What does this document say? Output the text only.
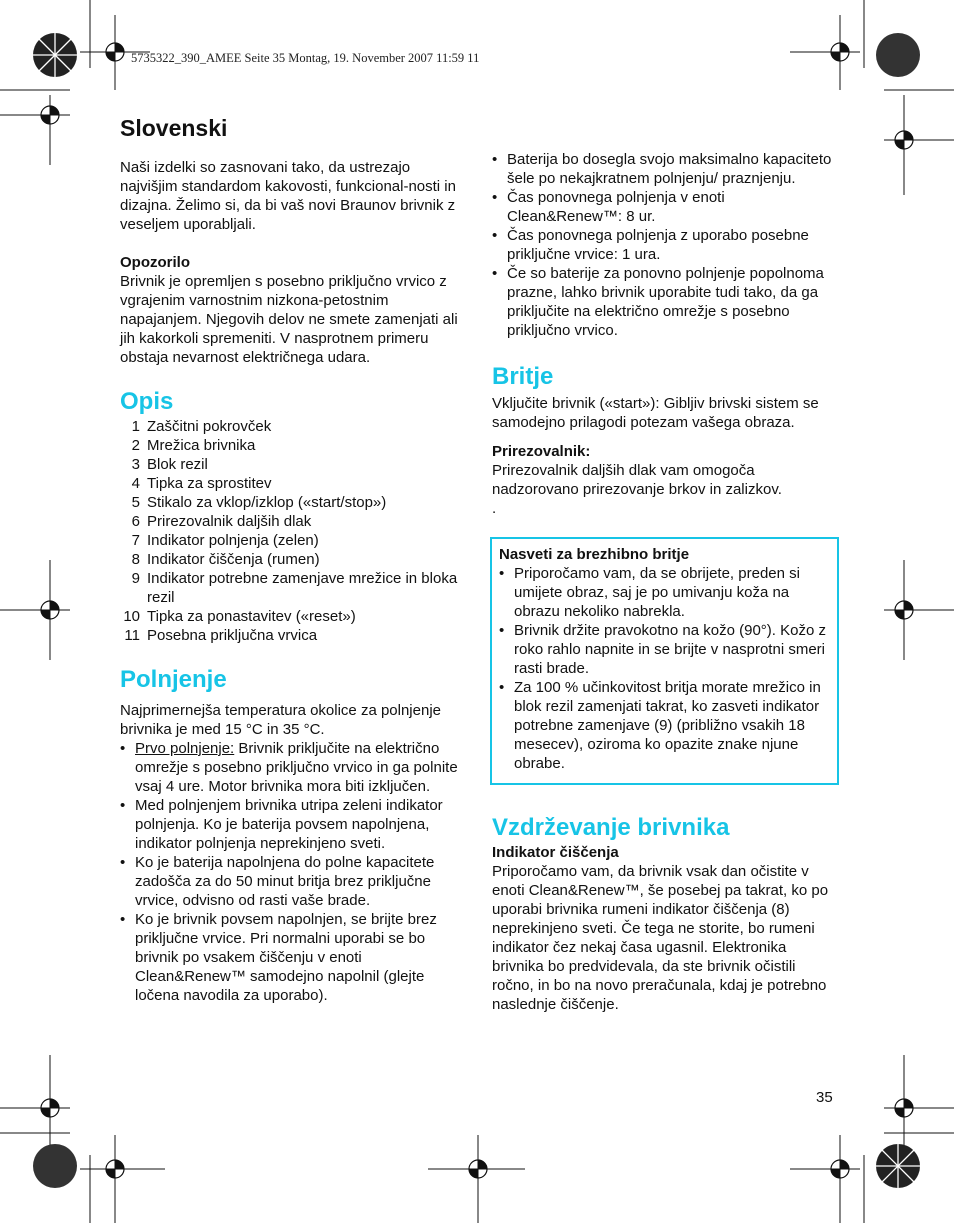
5735322_390_AMEE Seite 35 Montag, 19. November 2007 11:59 11
Slovenski

Naši izdelki so zasnovani tako, da ustrezajo najvišjim standardom kakovosti, funkcional-nosti in dizajna. Želimo si, da bi vaš novi Braunov brivnik z veseljem uporabljali.

Opozorilo

Brivnik je opremljen s posebno priključno vrvico z vgrajenim varnostnim nizkona-petostnim napajanjem. Njegovih delov ne smete zamenjati ali jih kakorkoli spremeniti. V nasprotnem primeru obstaja nevarnost električnega udara.

Opis
1 Zaščitni pokrovček
2 Mrežica brivnika
3 Blok rezil
4 Tipka za sprostitev
5 Stikalo za vklop/izklop («start/stop»)
6 Prirezovalnik daljših dlak
7 Indikator polnjenja (zelen)
8 Indikator čiščenja (rumen)
9 Indikator potrebne zamenjave mrežice in bloka rezil
10 Tipka za ponastavitev («reset»)
11 Posebna priključna vrvica
Polnjenje

Najprimernejša temperatura okolice za polnjenje brivnika je med 15 °C in 35 °C.

• Prvo polnjenje: Brivnik priključite na električno omrežje s posebno priključno vrvico in ga polnite vsaj 4 ure. Motor brivnika mora biti izključen.
• Med polnjenjem brivnika utripa zeleni indikator polnjenja. Ko je baterija povsem napolnjena, indikator polnjenja neprekinjeno sveti.
• Ko je baterija napolnjena do polne kapacitete zadošča za do 50 minut britja brez priključne vrvice, odvisno od rasti vaše brade.
• Ko je brivnik povsem napolnjen, se brijte brez priključne vrvice. Pri normalni uporabi se bo brivnik po vsakem čiščenju v enoti Clean&Renew™ samodejno napolnil (glejte ločena navodila za uporabo).
• Baterija bo dosegla svojo maksimalno kapaciteto šele po nekajkratnem polnjenju/ praznjenju.
• Čas ponovnega polnjenja v enoti Clean&Renew™: 8 ur.
• Čas ponovnega polnjenja z uporabo posebne priključne vrvice: 1 ura.
• Če so baterije za ponovno polnjenje popolnoma prazne, lahko brivnik uporabite tudi tako, da ga priključite na električno omrežje s posebno priključno vrvico.
Britje

Vključite brivnik («start»): Gibljiv brivski sistem se samodejno prilagodi potezam vašega obraza.

Prirezovalnik:

Prirezovalnik daljših dlak vam omogoča nadzorovano prirezovanje brkov in zalizkov.

.

Nasveti za brezhibno britje

• Priporočamo vam, da se obrijete, preden si umijete obraz, saj je po umivanju koža na obrazu nekoliko nabrekla.
• Brivnik držite pravokotno na kožo (90°). Kožo z roko rahlo napnite in se brijte v nasprotni smeri rasti brade.
• Za 100 % učinkovitost britja morate mrežico in blok rezil zamenjati takrat, ko zasveti indikator potrebne zamenjave (9) (približno vsakih 18 mesecev), oziroma ko opazite znake njune obrabe.
Vzdrževanje brivnika

Indikator čiščenja

Priporočamo vam, da brivnik vsak dan očistite v enoti Clean&Renew™, še posebej pa takrat, ko po uporabi brivnika rumeni indikator čiščenja (8) neprekinjeno sveti. Če tega ne storite, bo rumeni indikator čez nekaj časa ugasnil. Elektronika brivnika bo predvidevala, da ste brivnik očistili ročno, in bo na novo preračunala, kdaj je potrebno naslednje čiščenje.

35
